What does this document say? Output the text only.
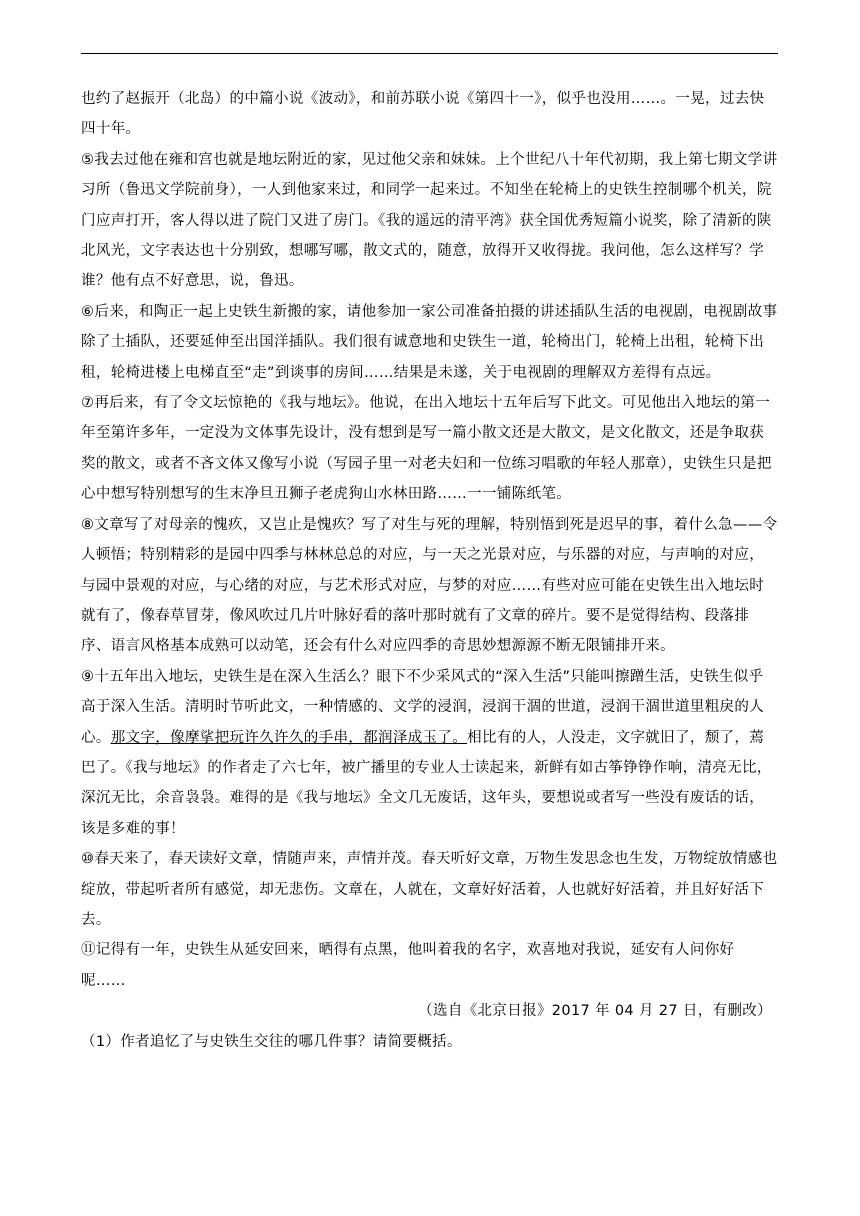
也约了赵振开（北岛）的中篇小说《波动》，和前苏联小说《第四十一》，似乎也没用……。一晃，过去快四十年。

⑤我去过他在雍和宫也就是地坛附近的家，见过他父亲和妹妹。上个世纪八十年代初期，我上第七期文学讲习所（鲁迅文学院前身），一人到他家来过，和同学一起来过。不知坐在轮椅上的史铁生控制哪个机关，院门应声打开，客人得以进了院门又进了房门。《我的遥远的清平湾》获全国优秀短篇小说奖，除了清新的陕北风光，文字表达也十分别致，想哪写哪，散文式的，随意，放得开又收得拢。我问他，怎么这样写？学谁？他有点不好意思，说，鲁迅。

⑥后来，和陶正一起上史铁生新搬的家，请他参加一家公司准备拍摄的讲述插队生活的电视剧，电视剧故事除了土插队，还要延伸至出国洋插队。我们很有诚意地和史铁生一道，轮椅出门，轮椅上出租，轮椅下出租，轮椅进楼上电梯直至“走”到谈事的房间……结果是未遂，关于电视剧的理解双方差得有点远。

⑦再后来，有了令文坛惊艳的《我与地坛》。他说，在出入地坛十五年后写下此文。可见他出入地坛的第一年至第许多年，一定没为文体事先设计，没有想到是写一篇小散文还是大散文，是文化散文，还是争取获奖的散文，或者不吝文体又像写小说（写园子里一对老夫妇和一位练习唱歌的年轻人那章），史铁生只是把心中想写特别想写的生末净旦丑狮子老虎狗山水林田路……一一铺陈纸笔。

⑧文章写了对母亲的愧疚，又岂止是愧疚？写了对生与死的理解，特别悟到死是迟早的事，着什么急——令人顿悟；特别精彩的是园中四季与林林总总的对应，与一天之光景对应，与乐器的对应，与声响的对应，与园中景观的对应，与心绪的对应，与艺术形式对应，与梦的对应……有些对应可能在史铁生出入地坛时就有了，像春草冒芽，像风吹过几片叶脉好看的落叶那时就有了文章的碎片。要不是觉得结构、段落排序、语言风格基本成熟可以动笔，还会有什么对应四季的奇思妙想源源不断无限铺排开来。

⑨十五年出入地坛，史铁生是在深入生活么？眼下不少采风式的“深入生活”只能叫擦蹭生活，史铁生似乎高于深入生活。清明时节听此文，一种情感的、文学的浸润，浸润干涸的世道，浸润干涸世道里粗戾的人心。那文字，像摩挲把玩许久许久的手串，都润泽成玉了。相比有的人，人没走，文字就旧了，颓了，蔫巴了。《我与地坛》的作者走了六七年，被广播里的专业人士读起来，新鲜有如古筝铮铮作响，清亮无比，深沉无比，余音袅袅。难得的是《我与地坛》全文几无废话，这年头，要想说或者写一些没有废话的话，该是多难的事！

⑩春天来了，春天读好文章，情随声来，声情并茂。春天听好文章，万物生发思念也生发，万物绽放情感也绽放，带起听者所有感觉，却无悲伤。文章在，人就在，文章好好活着，人也就好好活着，并且好好活下去。

⑪记得有一年，史铁生从延安回来，晒得有点黑，他叫着我的名字，欢喜地对我说，延安有人问你好呢……

（选自《北京日报》2017 年 04 月 27 日，有删改）

（1）作者追忆了与史铁生交往的哪几件事？请简要概括。
